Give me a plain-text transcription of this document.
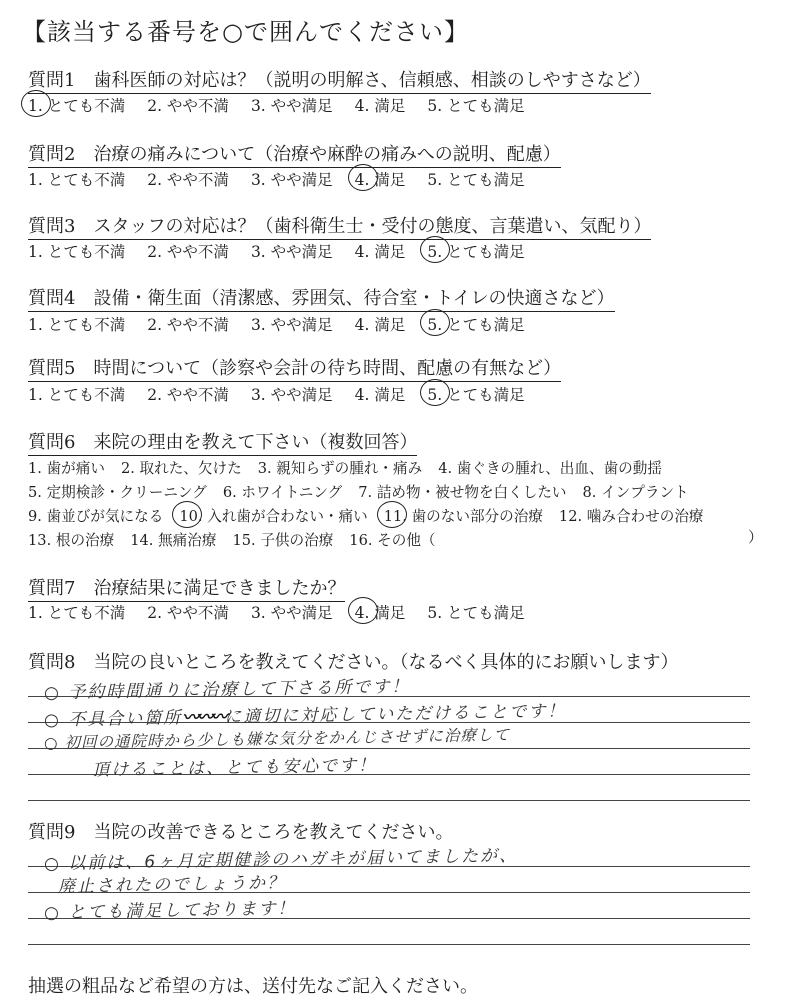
【該当する番号を○で囲んでください】
質問1　歯科医師の対応は？（説明の明解さ、信頼感、相談のしやすさなど）
1. とても不満 2. やや不満 3. やや満足 4. 満足 5. とても満足
質問2　治療の痛みについて（治療や麻酔の痛みへの説明、配慮）
1. とても不満 2. やや不満 3. やや満足 4. 満足 5. とても満足
質問3　スタッフの対応は？（歯科衛生士・受付の態度、言葉遣い、気配り）
1. とても不満 2. やや不満 3. やや満足 4. 満足 5. とても満足
質問4　設備・衛生面（清潔感、雰囲気、待合室・トイレの快適さなど）
1. とても不満 2. やや不満 3. やや満足 4. 満足 5. とても満足
質問5　時間について（診察や会計の待ち時間、配慮の有無など）
1. とても不満 2. やや不満 3. やや満足 4. 満足 5. とても満足
質問6　来院の理由を教えて下さい（複数回答）
1. 歯が痛い 2. 取れた、欠けた 3. 親知らずの腫れ・痛み 4. 歯ぐきの腫れ、出血、歯の動揺
5. 定期検診・クリーニング 6. ホワイトニング 7. 詰め物・被せ物を白くしたい 8. インプラント
9. 歯並びが気になる 10. 入れ歯が合わない・痛い 11. 歯のない部分の治療 12. 噛み合わせの治療
13. 根の治療 14. 無痛治療 15. 子供の治療 16. その他（	）
質問7　治療結果に満足できましたか？
1. とても不満 2. やや不満 3. やや満足 4. 満足 5. とても満足
質問8　当院の良いところを教えてください。（なるべく具体的にお願いします）
○ 予約時間通りに治療して下さる所です！
○ 不具合い箇所〰〰〰に適切に対応していただけることです！
○ 初回の通院時から少しも嫌な気分をかんじさせずに治療して
頂けることは、とても安心です！
質問9　当院の改善できるところを教えてください。
○ 以前は、6ヶ月定期健診のハガキが届いてましたが、
廃止されたのでしょうか？
○ とても満足しております！
抽選の粗品など希望の方は、送付先なご記入ください。
